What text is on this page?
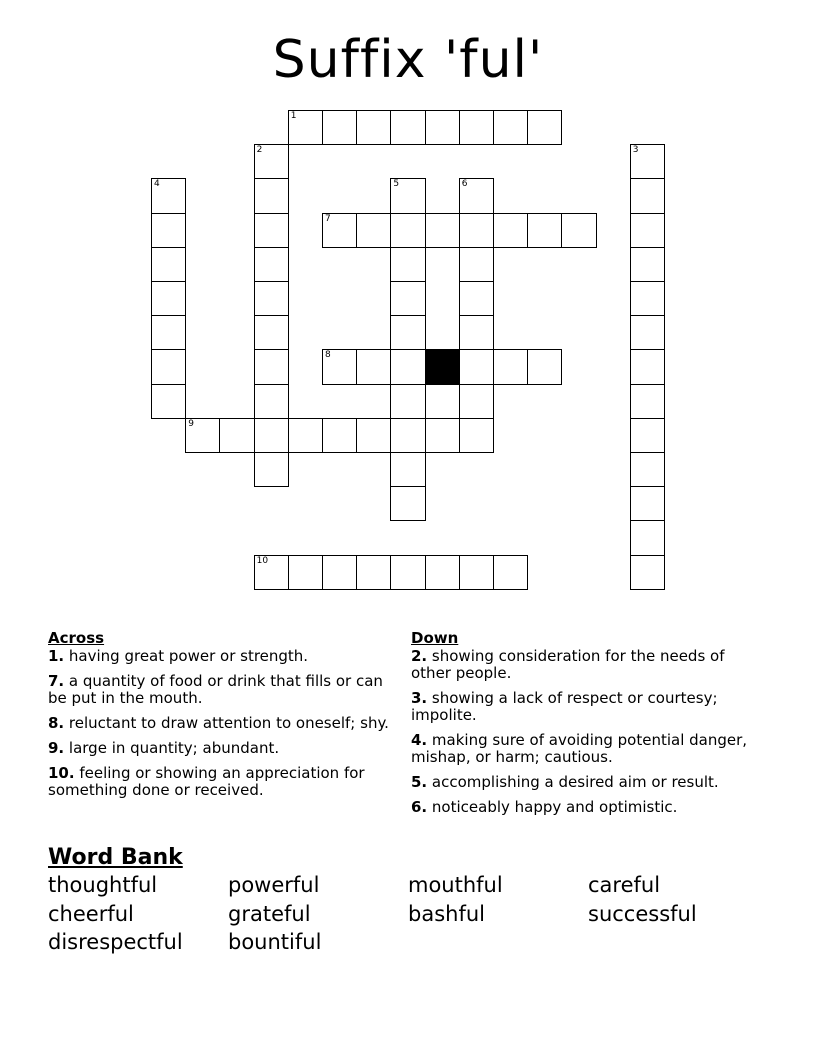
Suffix 'ful'
1
2	3
4	5	6
7
8
9
10
Across
1. having great power or strength.
7. a quantity of food or drink that fills or can be put in the mouth.
8. reluctant to draw attention to oneself; shy.
9. large in quantity; abundant.
10. feeling or showing an appreciation for something done or received.
Down
2. showing consideration for the needs of other people.
3. showing a lack of respect or courtesy; impolite.
4. making sure of avoiding potential danger, mishap, or harm; cautious.
5. accomplishing a desired aim or result.
6. noticeably happy and optimistic.
Word Bank
thoughtful	powerful	mouthful	careful
cheerful	grateful	bashful	successful
disrespectful bountiful
